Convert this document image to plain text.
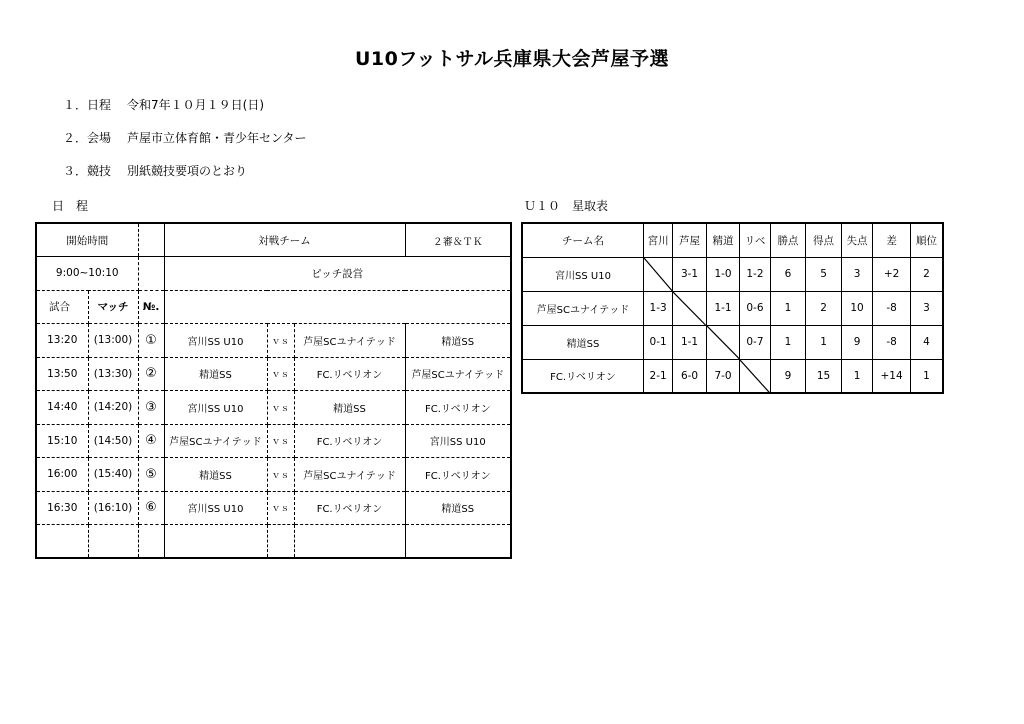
U10フットサル兵庫県大会芦屋予選
１．日程 令和7年１０月１９日(日)
２．会場 芦屋市立体育館・青少年センター
３．競技 別紙競技要項のとおり
日　程	Ｕ１０　星取表
開始時間			対戦チーム			２審＆ＴＫ
9:00~10:10			ピッチ設営			
試合	マッチ	№.				
13:20	(13:00)	①	宮川SS U10	ｖｓ	芦屋SCユナイテッド	精道SS
13:50	(13:30)	②	精道SS	ｖｓ	FC.リベリオン	芦屋SCユナイテッド
14:40	(14:20)	③	宮川SS U10	ｖｓ	精道SS	FC.リベリオン
15:10	(14:50)	④	芦屋SCユナイテッド	ｖｓ	FC.リベリオン	宮川SS U10
16:00	(15:40)	⑤	精道SS	ｖｓ	芦屋SCユナイテッド	FC.リベリオン
16:30	(16:10)	⑥	宮川SS U10	ｖｓ	FC.リベリオン	精道SS

チーム名	宮川	芦屋	精道	リベ	勝点	得点	失点	差	順位
宮川SS U10		3-1	1-0	1-2	6	5	3	+2	2
芦屋SCユナイテッド	1-3		1-1	0-6	1	2	10	-8	3
精道SS	0-1	1-1		0-7	1	1	9	-8	4
FC.リベリオン	2-1	6-0	7-0		9	15	1	+14	1
